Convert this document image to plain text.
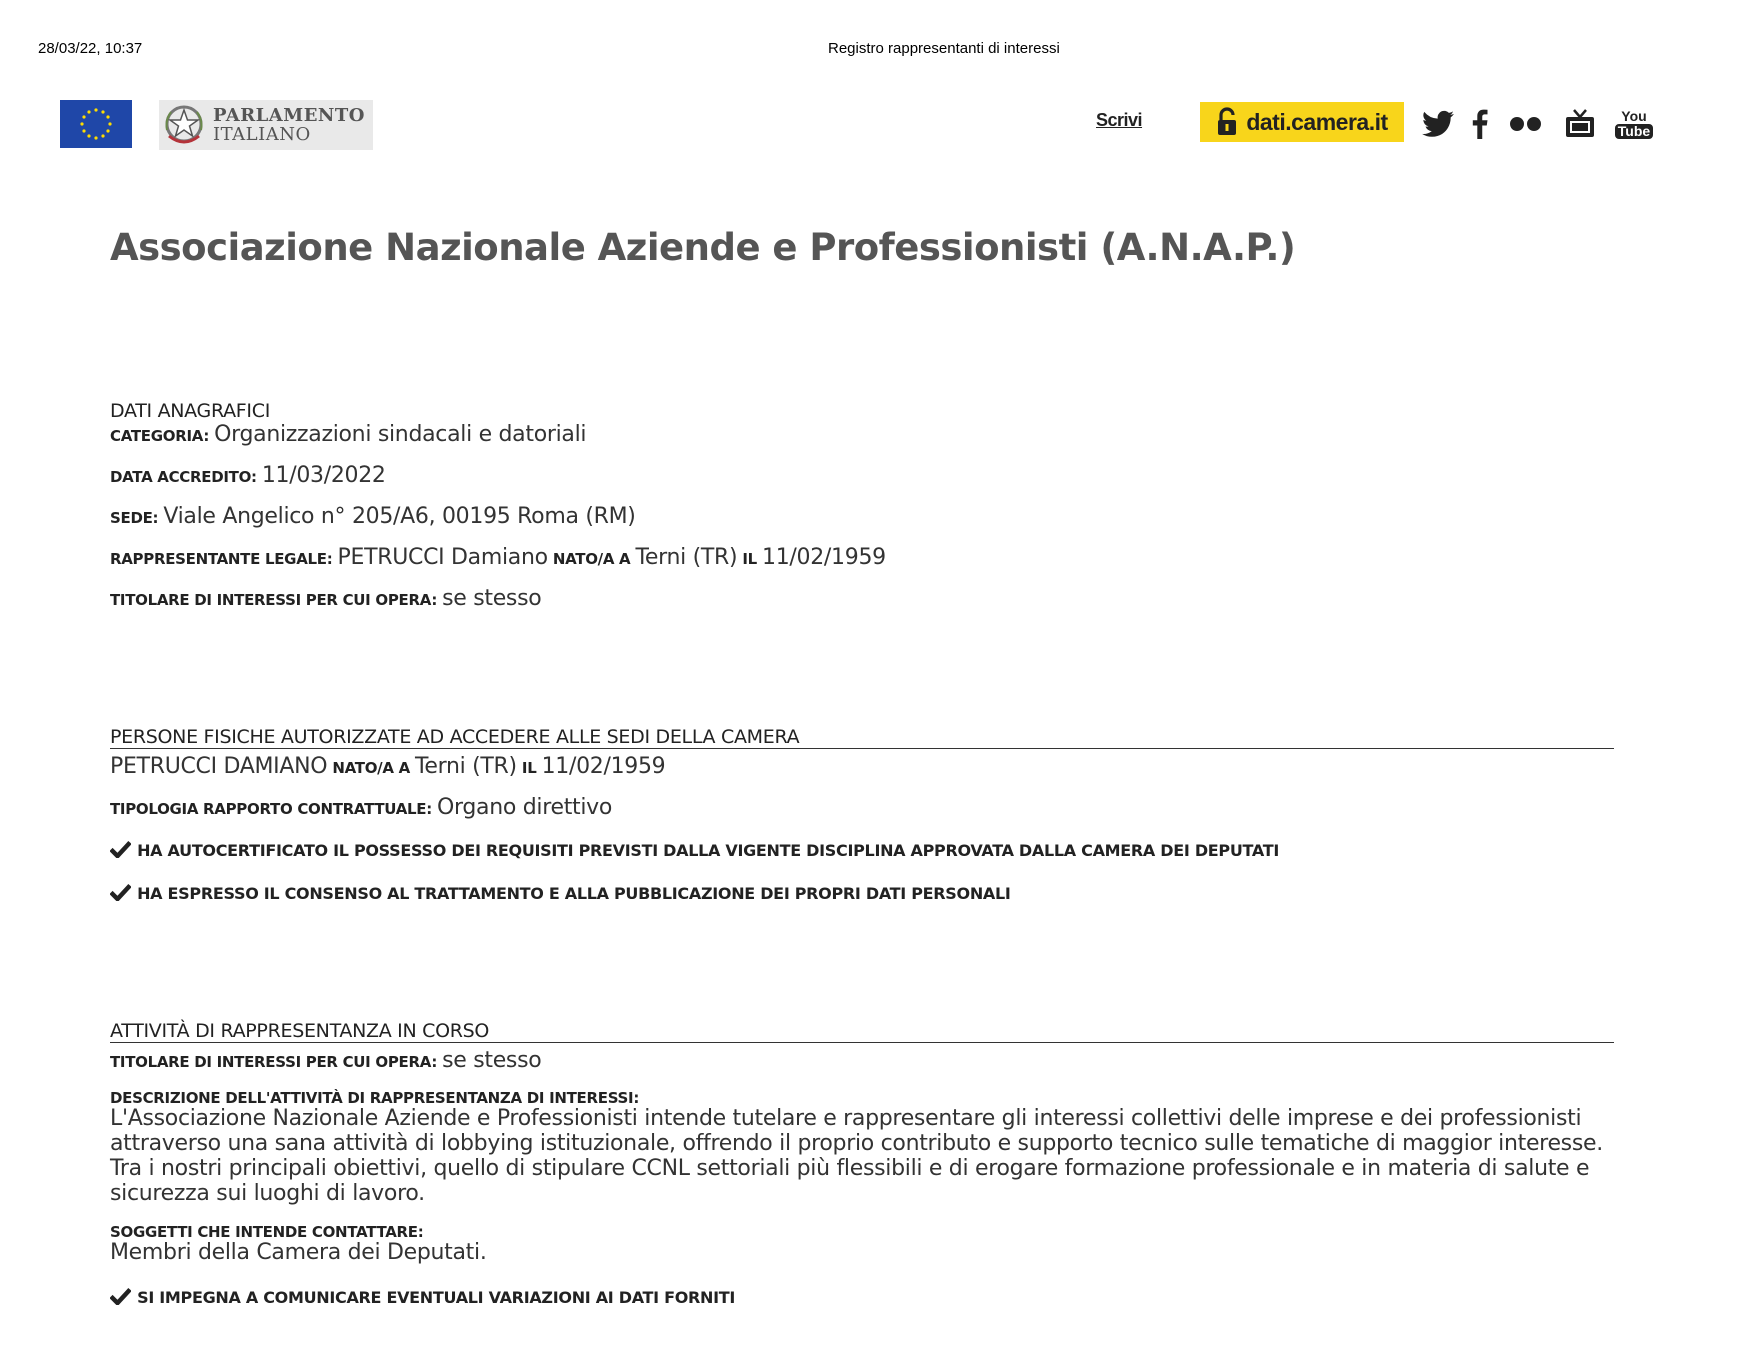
28/03/22, 10:37	Registro rappresentanti di interessi
PARLAMENTO
ITALIANO
Scrivi	dati.camera.it	You
Tube
Associazione Nazionale Aziende e Professionisti (A.N.A.P.)
DATI ANAGRAFICI
CATEGORIA: Organizzazioni sindacali e datoriali
DATA ACCREDITO: 11/03/2022
SEDE: Viale Angelico n° 205/A6, 00195 Roma (RM)
RAPPRESENTANTE LEGALE: PETRUCCI Damiano NATO/A A Terni (TR) IL 11/02/1959
TITOLARE DI INTERESSI PER CUI OPERA: se stesso
PERSONE FISICHE AUTORIZZATE AD ACCEDERE ALLE SEDI DELLA CAMERA
PETRUCCI DAMIANO NATO/A A Terni (TR) IL 11/02/1959
TIPOLOGIA RAPPORTO CONTRATTUALE: Organo direttivo
HA AUTOCERTIFICATO IL POSSESSO DEI REQUISITI PREVISTI DALLA VIGENTE DISCIPLINA APPROVATA DALLA CAMERA DEI DEPUTATI
HA ESPRESSO IL CONSENSO AL TRATTAMENTO E ALLA PUBBLICAZIONE DEI PROPRI DATI PERSONALI
ATTIVITÀ DI RAPPRESENTANZA IN CORSO
TITOLARE DI INTERESSI PER CUI OPERA: se stesso
DESCRIZIONE DELL'ATTIVITÀ DI RAPPRESENTANZA DI INTERESSI:
L'Associazione Nazionale Aziende e Professionisti intende tutelare e rappresentare gli interessi collettivi delle imprese e dei professionisti attraverso una sana attività di lobbying istituzionale, offrendo il proprio contributo e supporto tecnico sulle tematiche di maggior interesse. Tra i nostri principali obiettivi, quello di stipulare CCNL settoriali più flessibili e di erogare formazione professionale e in materia di salute e sicurezza sui luoghi di lavoro.
SOGGETTI CHE INTENDE CONTATTARE:
Membri della Camera dei Deputati.
SI IMPEGNA A COMUNICARE EVENTUALI VARIAZIONI AI DATI FORNITI
